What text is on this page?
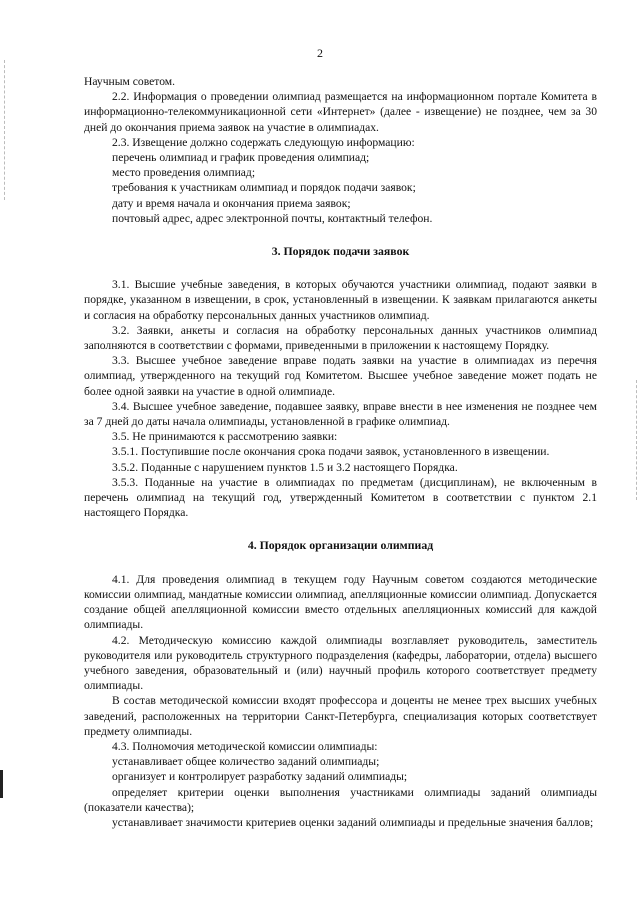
2

Научным советом.

2.2. Информация о проведении олимпиад размещается на информационном портале Комитета в информационно-телекоммуникационной сети «Интернет» (далее - извещение) не позднее, чем за 30 дней до окончания приема заявок на участие в олимпиадах.

2.3. Извещение должно содержать следующую информацию:

перечень олимпиад и график проведения олимпиад;

место проведения олимпиад;

требования к участникам олимпиад и порядок подачи заявок;

дату и время начала и окончания приема заявок;

почтовый адрес, адрес электронной почты, контактный телефон.

3. Порядок подачи заявок

3.1. Высшие учебные заведения, в которых обучаются участники олимпиад, подают заявки в порядке, указанном в извещении, в срок, установленный в извещении. К заявкам прилагаются анкеты и согласия на обработку персональных данных участников олимпиад.

3.2. Заявки, анкеты и согласия на обработку персональных данных участников олимпиад заполняются в соответствии с формами, приведенными в приложении к настоящему Порядку.

3.3. Высшее учебное заведение вправе подать заявки на участие в олимпиадах из перечня олимпиад, утвержденного на текущий год Комитетом. Высшее учебное заведение может подать не более одной заявки на участие в одной олимпиаде.

3.4. Высшее учебное заведение, подавшее заявку, вправе внести в нее изменения не позднее чем за 7 дней до даты начала олимпиады, установленной в графике олимпиад.

3.5. Не принимаются к рассмотрению заявки:

3.5.1. Поступившие после окончания срока подачи заявок, установленного в извещении.

3.5.2. Поданные с нарушением пунктов 1.5 и 3.2 настоящего Порядка.

3.5.3. Поданные на участие в олимпиадах по предметам (дисциплинам), не включенным в перечень олимпиад на текущий год, утвержденный Комитетом в соответствии с пунктом 2.1 настоящего Порядка.

4. Порядок организации олимпиад

4.1. Для проведения олимпиад в текущем году Научным советом создаются методические комиссии олимпиад, мандатные комиссии олимпиад, апелляционные комиссии олимпиад. Допускается создание общей апелляционной комиссии вместо отдельных апелляционных комиссий для каждой олимпиады.

4.2. Методическую комиссию каждой олимпиады возглавляет руководитель, заместитель руководителя или руководитель структурного подразделения (кафедры, лаборатории, отдела) высшего учебного заведения, образовательный и (или) научный профиль которого соответствует предмету олимпиады.

В состав методической комиссии входят профессора и доценты не менее трех высших учебных заведений, расположенных на территории Санкт-Петербурга, специализация которых соответствует предмету олимпиады.

4.3. Полномочия методической комиссии олимпиады:

устанавливает общее количество заданий олимпиады;

организует и контролирует разработку заданий олимпиады;

определяет критерии оценки выполнения участниками олимпиады заданий олимпиады (показатели качества);

устанавливает значимости критериев оценки заданий олимпиады и предельные значения баллов;
